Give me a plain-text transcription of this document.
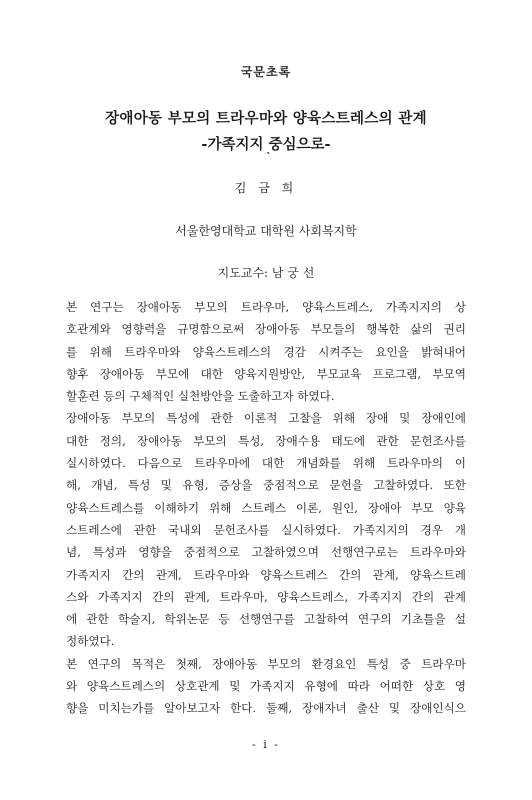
국문초록
장애아동 부모의 트라우마와 양육스트레스의 관계
-가족지지 중심으로-
`
김 금 희
서울한영대학교 대학원 사회복지학
지도교수: 남 궁 선
본 연구는 장애아동 부모의 트라우마, 양육스트레스, 가족지지의 상
호관계와 영향력을 규명함으로써 장애아동 부모들의 행복한 삶의 권리
를 위해 트라우마와 양육스트레스의 경감 시켜주는 요인을 밝혀내어
향후 장애아동 부모에 대한 양육지원방안, 부모교육 프로그램, 부모역
할훈련 등의 구체적인 실천방안을 도출하고자 하였다.
장애아동 부모의 특성에 관한 이론적 고찰을 위해 장애 및 장애인에
대한 정의, 장애아동 부모의 특성, 장애수용 태도에 관한 문헌조사를
실시하였다. 다음으로 트라우마에 대한 개념화를 위해 트라우마의 이
해, 개념, 특성 및 유형, 증상을 중점적으로 문헌을 고찰하였다. 또한
양육스트레스를 이해하기 위해 스트레스 이론, 원인, 장애아 부모 양육
스트레스에 관한 국내외 문헌조사를 실시하였다. 가족지지의 경우 개
념, 특성과 영향을 중점적으로 고찰하였으며 선행연구로는 트라우마와
가족지지 간의 관계, 트라우마와 양육스트레스 간의 관계, 양육스트레
스와 가족지지 간의 관계, 트라우마, 양육스트레스, 가족지지 간의 관계
에 관한 학술지, 학위논문 등 선행연구를 고찰하여 연구의 기초틀을 설
정하였다.
본 연구의 목적은 첫째, 장애아동 부모의 환경요인 특성 중 트라우마
와 양육스트레스의 상호관계 및 가족지지 유형에 따라 어떠한 상호 영
향을 미치는가를 알아보고자 한다. 둘째, 장애자녀 출산 및 장애인식으
- i -
